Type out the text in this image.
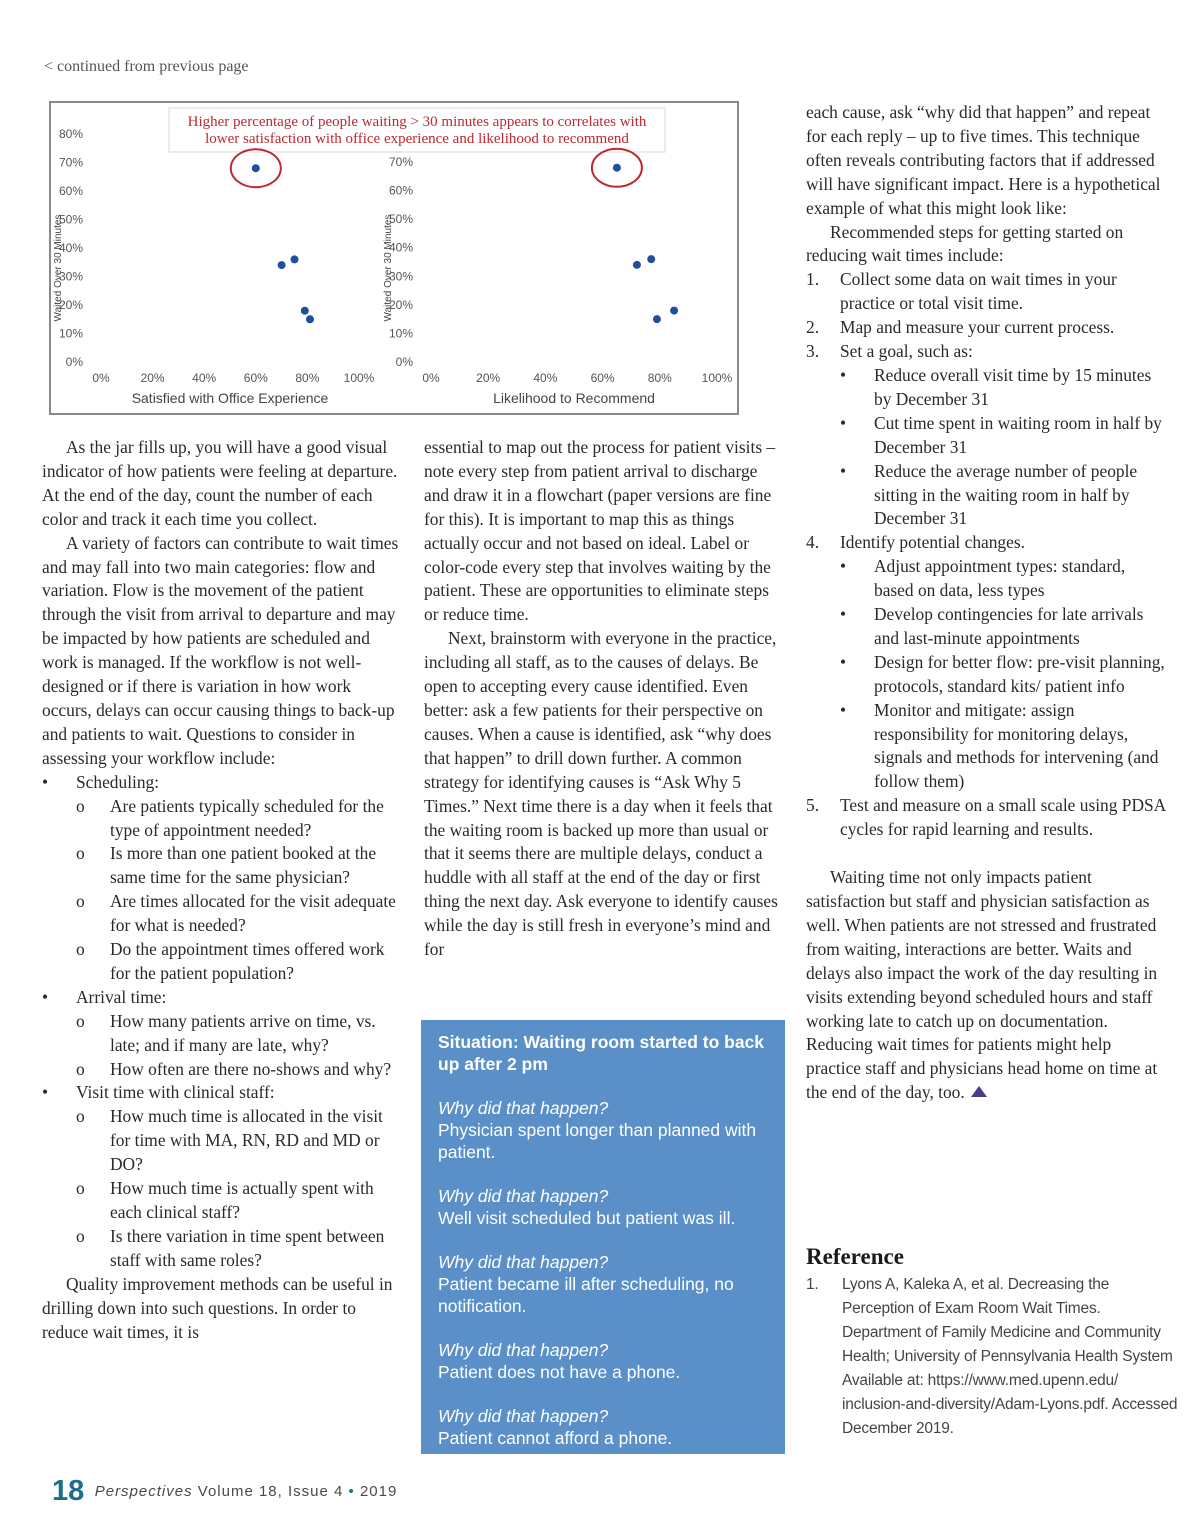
< continued from previous page
Higher percentage of people waiting > 30 minutes appears to correlates with
lower satisfaction with office experience and likelihood to recommend
0%
10%
20%
30%
40%
50%
60%
70%
80%
0%	20% 40% 60% 80% 100%
Satisfied with Office Experience
Waited Over 30 Minutes
0%
10%
20%
30%
40%
50%
60%
70%
0%	20%	40%	60%	80% 100%
Likelihood to Recommend
Waited Over 30 Minutes

As the jar fills up, you will have a good visual indicator of how patients were feeling at departure. At the end of the day, count the number of each color and track it each time you collect.

A variety of factors can contribute to wait times and may fall into two main categories: flow and variation. Flow is the movement of the patient through the visit from arrival to departure and may be impacted by how patients are scheduled and work is managed. If the workflow is not well-designed or if there is variation in how work occurs, delays can occur causing things to back-up and patients to wait. Questions to consider in assessing your workflow include:

• Scheduling:
o Are patients typically scheduled for the type of appointment needed?
o Is more than one patient booked at the same time for the same physician?
o Are times allocated for the visit adequate for what is needed?
o Do the appointment times offered work for the patient population?
• Arrival time:
o How many patients arrive on time, vs. late; and if many are late, why?
o How often are there no-shows and why?
• Visit time with clinical staff:
o How much time is allocated in the visit for time with MA, RN, RD and MD or DO?
o How much time is actually spent with each clinical staff?
o Is there variation in time spent between staff with same roles?

Quality improvement methods can be useful in drilling down into such questions. In order to reduce wait times, it is

essential to map out the process for patient visits – note every step from patient arrival to discharge and draw it in a flowchart (paper versions are fine for this). It is important to map this as things actually occur and not based on ideal. Label or color-code every step that involves waiting by the patient. These are opportunities to eliminate steps or reduce time.

Next, brainstorm with everyone in the practice, including all staff, as to the causes of delays. Be open to accepting every cause identified. Even better: ask a few patients for their perspective on causes. When a cause is identified, ask “why does that happen” to drill down further. A common strategy for identifying causes is “Ask Why 5 Times.” Next time there is a day when it feels that the waiting room is backed up more than usual or that it seems there are multiple delays, conduct a huddle with all staff at the end of the day or first thing the next day. Ask everyone to identify causes while the day is still fresh in everyone’s mind and for

Situation: Waiting room started to back up after 2 pm
Why did that happen?
Physician spent longer than planned with patient.
Why did that happen?
Well visit scheduled but patient was ill.
Why did that happen?
Patient became ill after scheduling, no notification.
Why did that happen?
Patient does not have a phone.
Why did that happen?
Patient cannot afford a phone.

each cause, ask “why did that happen” and repeat for each reply – up to five times. This technique often reveals contributing factors that if addressed will have significant impact. Here is a hypothetical example of what this might look like:

Recommended steps for getting started on reducing wait times include:

1. Collect some data on wait times in your practice or total visit time.
2. Map and measure your current process.
3. Set a goal, such as:
• Reduce overall visit time by 15 minutes by December 31
• Cut time spent in waiting room in half by December 31
• Reduce the average number of people sitting in the waiting room in half by December 31
4. Identify potential changes.
• Adjust appointment types: standard, based on data, less types
• Develop contingencies for late arrivals and last-minute appointments
• Design for better flow: pre-visit planning, protocols, standard kits/ patient info
• Monitor and mitigate: assign responsibility for monitoring delays, signals and methods for intervening (and follow them)
5. Test and measure on a small scale using PDSA cycles for rapid learning and results.

Waiting time not only impacts patient satisfaction but staff and physician satisfaction as well. When patients are not stressed and frustrated from waiting, interactions are better. Waits and delays also impact the work of the day resulting in visits extending beyond scheduled hours and staff working late to catch up on documentation. Reducing wait times for patients might help practice staff and physicians head home on time at the end of the day, too.

Reference
1. Lyons A, Kaleka A, et al. Decreasing the Perception of Exam Room Wait Times. Department of Family Medicine and Community Health; University of Pennsylvania Health System Available at: https://www.med.upenn.edu/ inclusion-and-diversity/Adam-Lyons.pdf. Accessed December 2019.
18 Perspectives Volume 18, Issue 4 • 2019
